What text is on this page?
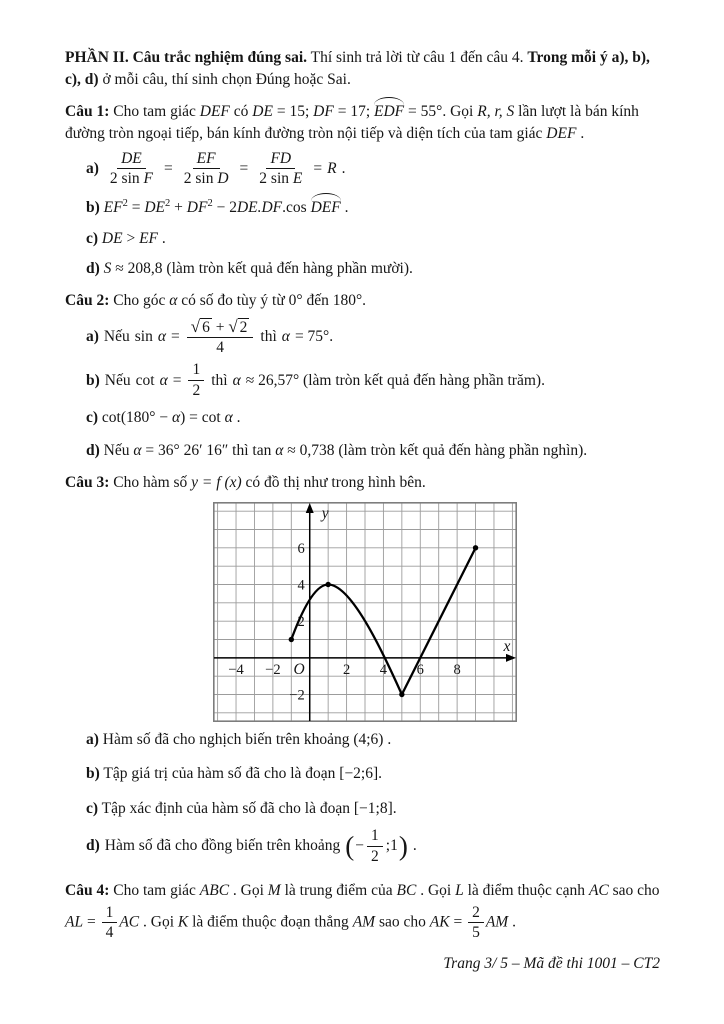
PHẦN II. Câu trắc nghiệm đúng sai. Thí sinh trả lời từ câu 1 đến câu 4. Trong mỗi ý a), b), c), d) ở mỗi câu, thí sinh chọn Đúng hoặc Sai.

Câu 1: Cho tam giác DEF có DE = 15; DF = 17; EDF = 55°. Gọi R, r, S lần lượt là bán kính đường tròn ngoại tiếp, bán kính đường tròn nội tiếp và diện tích của tam giác DEF .

$a) \frac{DE}{\text{2 sin F}} = \frac{EF}{\text{2 sin D}} = \frac{FD}{\text{2 sin E}} = R$ .

b) $EF^2 = DE^2 + DF^2 - 2DE.DF.\cos$ DEF .

c) DE > EF .

d) S ≈ 208,8 (làm tròn kết quả đến hàng phần mười).

Câu 2: Cho góc α có số đo tùy ý từ 0° đến 180°.

a) Nếu $\sin \alpha = \frac{√ 6 + √ 2}{4}$ thì α = 75°.
b) Nếu $\cot \alpha = \frac{1}{2}$ thì α ≈ 26,57° (làm tròn kết quả đến hàng phần trăm).

c) cot(180° − α) = cot α .

d) Nếu α = 36° 26′ 16″ thì tan α ≈ 0,738 (làm tròn kết quả đến hàng phần nghìn).

Câu 3: Cho hàm số y = f (x) có đồ thị như trong hình bên.

−4 −2	2 4 6 8
−2
2
4
6
O
x
y

a) Hàm số đã cho nghịch biến trên khoảng (4;6) .

b) Tập giá trị của hàm số đã cho là đoạn [−2;6].

c) Tập xác định của hàm số đã cho là đoạn [−1;8].

d) Hàm số đã cho đồng biến trên khoảng ( − $\frac{1}{2}$ ;1 ) .

Câu 4: Cho tam giác ABC . Gọi M là trung điểm của BC . Gọi L là điểm thuộc cạnh AC sao cho AL = $\frac{1}{4}$ AC . Gọi K là điểm thuộc đoạn thẳng AM sao cho AK = $\frac{2}{5}$ AM .

Trang 3/ 5 – Mã đề thi 1001 – CT2
